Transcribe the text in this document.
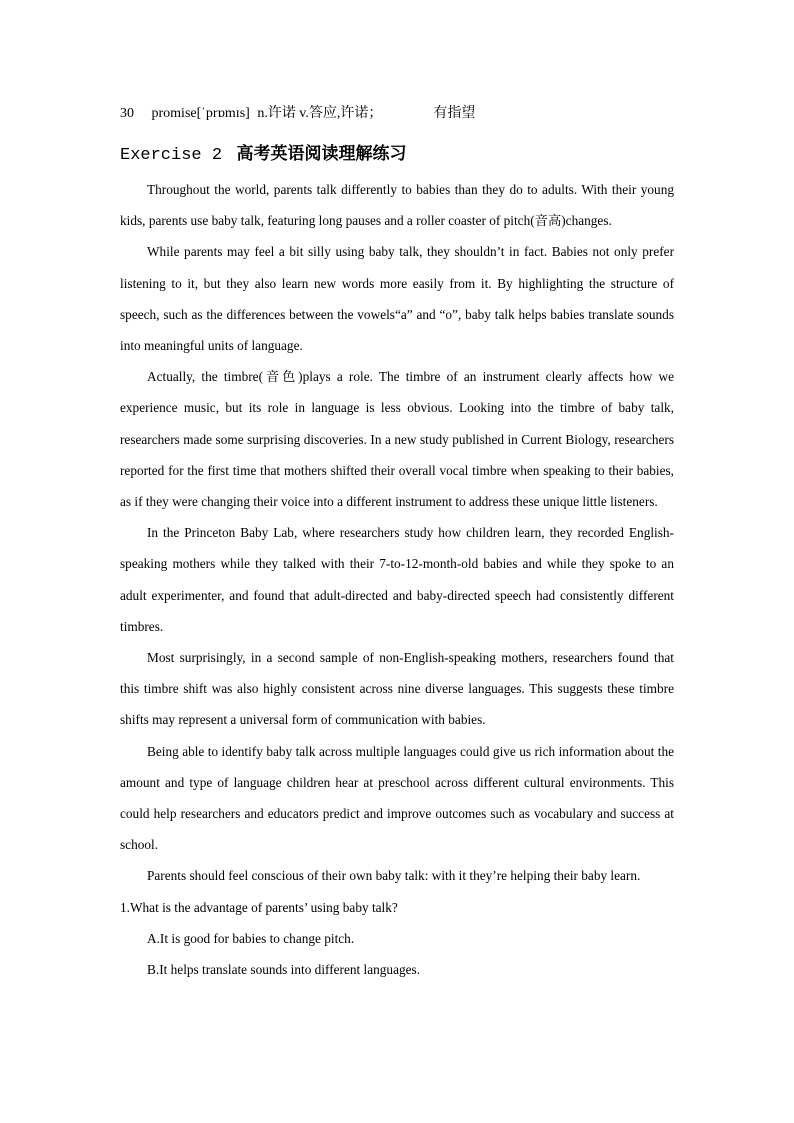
30 promise[ˈprɒmɪs] n.许诺 v.答应,许诺；	有指望
Exercise 2 高考英语阅读理解练习

Throughout the world, parents talk differently to babies than they do to adults. With their young kids, parents use baby talk, featuring long pauses and a roller coaster of pitch(音高)changes.

While parents may feel a bit silly using baby talk, they shouldn’t in fact. Babies not only prefer listening to it, but they also learn new words more easily from it. By highlighting the structure of speech, such as the differences between the vowels“a” and “o”, baby talk helps babies translate sounds into meaningful units of language.

Actually, the timbre(音色)plays a role. The timbre of an instrument clearly affects how we experience music, but its role in language is less obvious. Looking into the timbre of baby talk, researchers made some surprising discoveries. In a new study published in Current Biology, researchers reported for the first time that mothers shifted their overall vocal timbre when speaking to their babies, as if they were changing their voice into a different instrument to address these unique little listeners.

In the Princeton Baby Lab, where researchers study how children learn, they recorded English-speaking mothers while they talked with their 7-to-12-month-old babies and while they spoke to an adult experimenter, and found that adult-directed and baby-directed speech had consistently different timbres.

Most surprisingly, in a second sample of non-English-speaking mothers, researchers found that this timbre shift was also highly consistent across nine diverse languages. This suggests these timbre shifts may represent a universal form of communication with babies.

Being able to identify baby talk across multiple languages could give us rich information about the amount and type of language children hear at preschool across different cultural environments. This could help researchers and educators predict and improve outcomes such as vocabulary and success at school.

Parents should feel conscious of their own baby talk: with it they’re helping their baby learn.

1.What is the advantage of parents’ using baby talk?

A.It is good for babies to change pitch.

B.It helps translate sounds into different languages.
